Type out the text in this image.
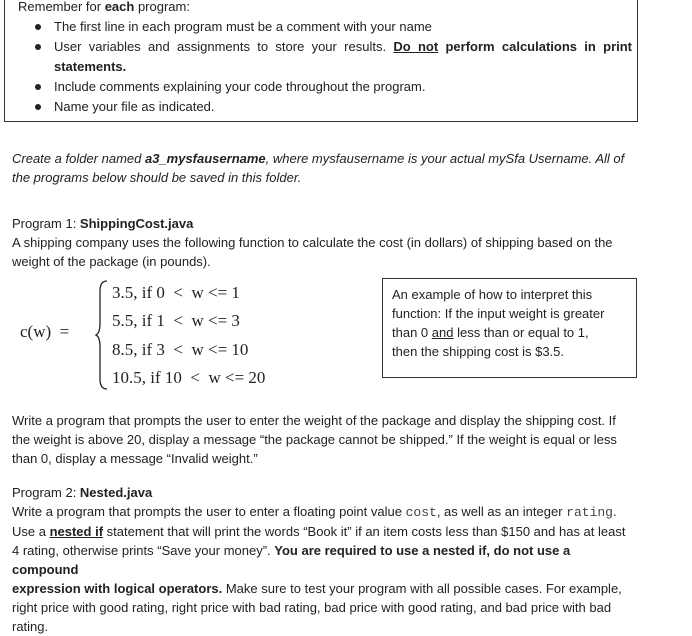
Remember for each program:
The first line in each program must be a comment with your name
User variables and assignments to store your results. Do not perform calculations in print
statements.
Include comments explaining your code throughout the program.
Name your file as indicated.
Create a folder named a3_mysfausername, where mysfausername is your actual mySfa Username. All of
the programs below should be saved in this folder.
Program 1: ShippingCost.java
A shipping company uses the following function to calculate the cost (in dollars) of shipping based on the
weight of the package (in pounds).
c(w)  =
3.5, if 0  <  w <= 1
5.5, if 1  <  w <= 3
8.5, if 3  <  w <= 10
10.5, if 10  <  w <= 20
An example of how to interpret this
function: If the input weight is greater
than 0 and less than or equal to 1,
then the shipping cost is $3.5.
Write a program that prompts the user to enter the weight of the package and display the shipping cost. If
the weight is above 20, display a message “the package cannot be shipped.” If the weight is equal or less
than 0, display a message “Invalid weight.”
Program 2: Nested.java
Write a program that prompts the user to enter a floating point value cost, as well as an integer rating.
Use a nested if statement that will print the words “Book it” if an item costs less than $150 and has at least
4 rating, otherwise prints “Save your money”. You are required to use a nested if, do not use a compound
expression with logical operators. Make sure to test your program with all possible cases. For example,
right price with good rating, right price with bad rating, bad price with good rating, and bad price with bad
rating.
